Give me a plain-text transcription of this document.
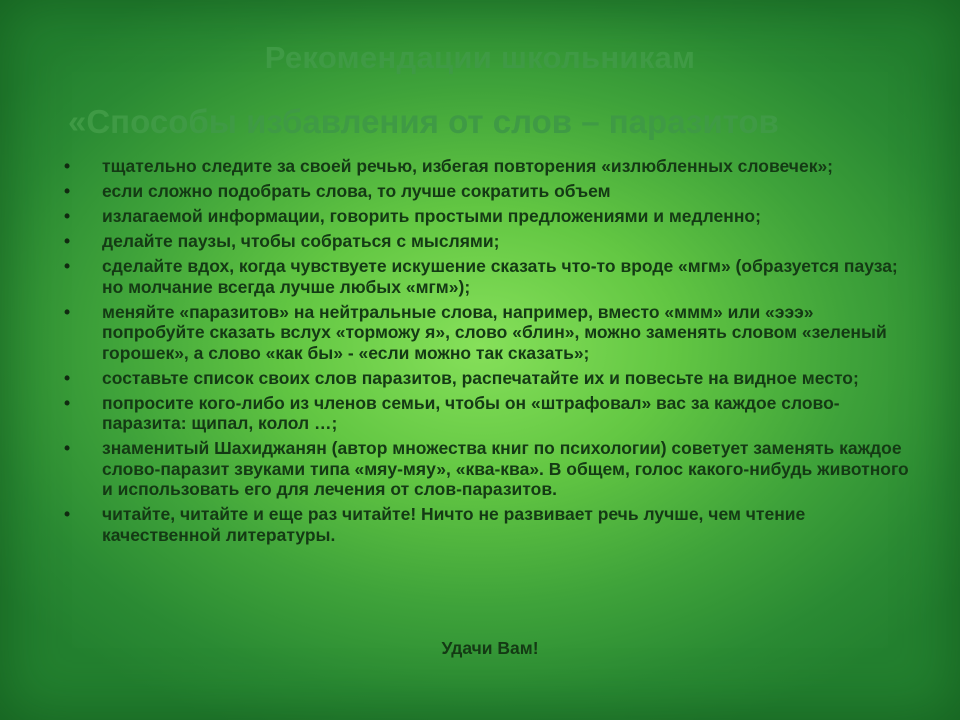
Рекомендации школьникам
«Способы избавления от слов – паразитов
•	тщательно следите за своей речью, избегая повторения «излюбленных словечек»;
•	если сложно подобрать слова, то лучше сократить объем
•	излагаемой информации, говорить простыми предложениями и медленно;
•	делайте паузы, чтобы собраться с мыслями;
•	сделайте вдох, когда чувствуете искушение сказать что-то вроде «мгм» (образуется пауза; но молчание всегда лучше любых «мгм»);
•	меняйте «паразитов» на нейтральные слова, например, вместо «ммм» или «эээ» попробуйте сказать вслух «торможу я», слово «блин», можно заменять словом «зеленый горошек», а слово «как бы» - «если можно так сказать»;
•	составьте список своих слов паразитов, распечатайте их и повесьте на видное место;
•	попросите кого-либо из членов семьи, чтобы он «штрафовал» вас за каждое слово-паразита: щипал, колол …;
•	знаменитый Шахиджанян (автор множества книг по психологии) советует заменять каждое слово-паразит звуками типа «мяу-мяу», «ква-ква». В общем, голос какого-нибудь животного и использовать его для лечения от слов-паразитов.
•	читайте, читайте и еще раз читайте! Ничто не развивает речь лучше, чем чтение качественной литературы.
Удачи Вам!
